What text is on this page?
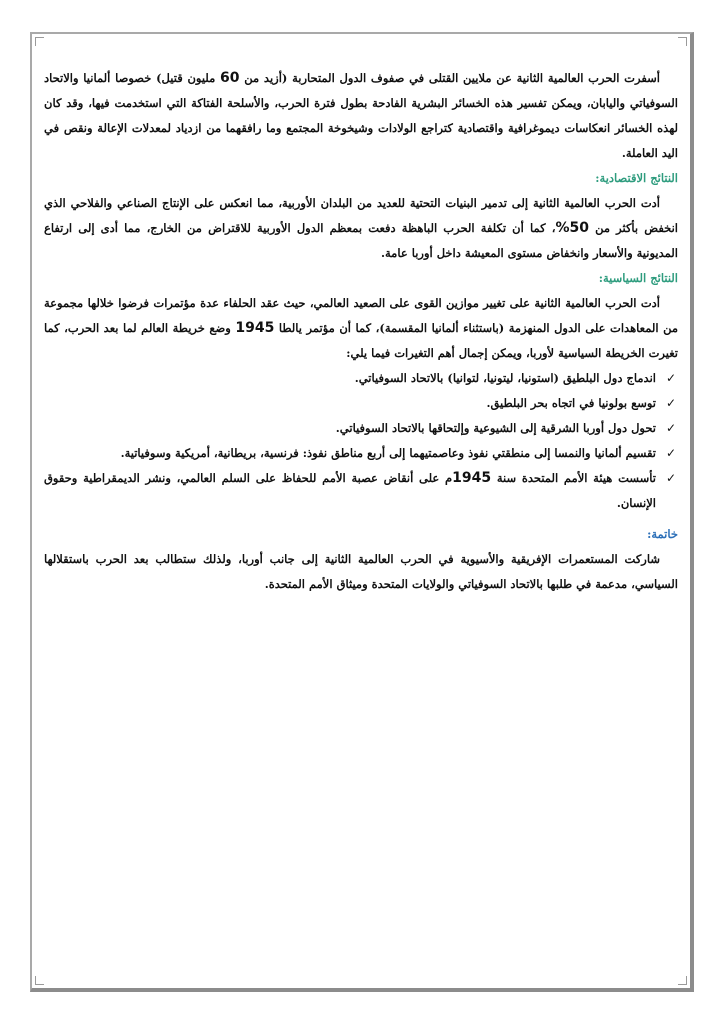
أسفرت الحرب العالمية الثانية عن ملايين القتلى في صفوف الدول المتحاربة (أزيد من 60 مليون قتيل) خصوصا ألمانيا والاتحاد السوفياتي واليابان، ويمكن تفسير هذه الخسائر البشرية الفادحة بطول فترة الحرب، والأسلحة الفتاكة التي استخدمت فيها، وقد كان لهذه الخسائر انعكاسات ديموغرافية واقتصادية كتراجع الولادات وشيخوخة المجتمع وما رافقهما من ازدياد لمعدلات الإعالة ونقص في اليد العاملة.

النتائج الاقتصادية:

أدت الحرب العالمية الثانية إلى تدمير البنيات التحتية للعديد من البلدان الأوربية، مما انعكس على الإنتاج الصناعي والفلاحي الذي انخفض بأكثر من 50%، كما أن تكلفة الحرب الباهظة دفعت بمعظم الدول الأوربية للاقتراض من الخارج، مما أدى إلى ارتفاع المديونية والأسعار وانخفاض مستوى المعيشة داخل أوربا عامة.

النتائج السياسية:

أدت الحرب العالمية الثانية على تغيير موازين القوى على الصعيد العالمي، حيث عقد الحلفاء عدة مؤتمرات فرضوا خلالها مجموعة من المعاهدات على الدول المنهزمة (باستثناء ألمانيا المقسمة)، كما أن مؤتمر يالطا 1945 وضع خريطة العالم لما بعد الحرب، كما تغيرت الخريطة السياسية لأوربا، ويمكن إجمال أهم التغيرات فيما يلي:

✓
اندماج دول البلطيق (استونيا، ليتونيا، لتوانيا) بالاتحاد السوفياتي.
✓
توسع بولونيا في اتجاه بحر البلطيق.
✓
تحول دول أوربا الشرقية إلى الشيوعية وإلتحاقها بالاتحاد السوفياتي.
✓
تقسيم ألمانيا والنمسا إلى منطقتي نفوذ وعاصمتيهما إلى أربع مناطق نفوذ: فرنسية، بريطانية، أمريكية وسوفياتية.
✓
تأسست هيئة الأمم المتحدة سنة 1945م على أنقاض عصبة الأمم للحفاظ على السلم العالمي، ونشر الديمقراطية وحقوق الإنسان.
خاتمة:

شاركت المستعمرات الإفريقية والأسيوية في الحرب العالمية الثانية إلى جانب أوربا، ولذلك ستطالب بعد الحرب باستقلالها السياسي، مدعمة في طلبها بالاتحاد السوفياتي والولايات المتحدة وميثاق الأمم المتحدة.
